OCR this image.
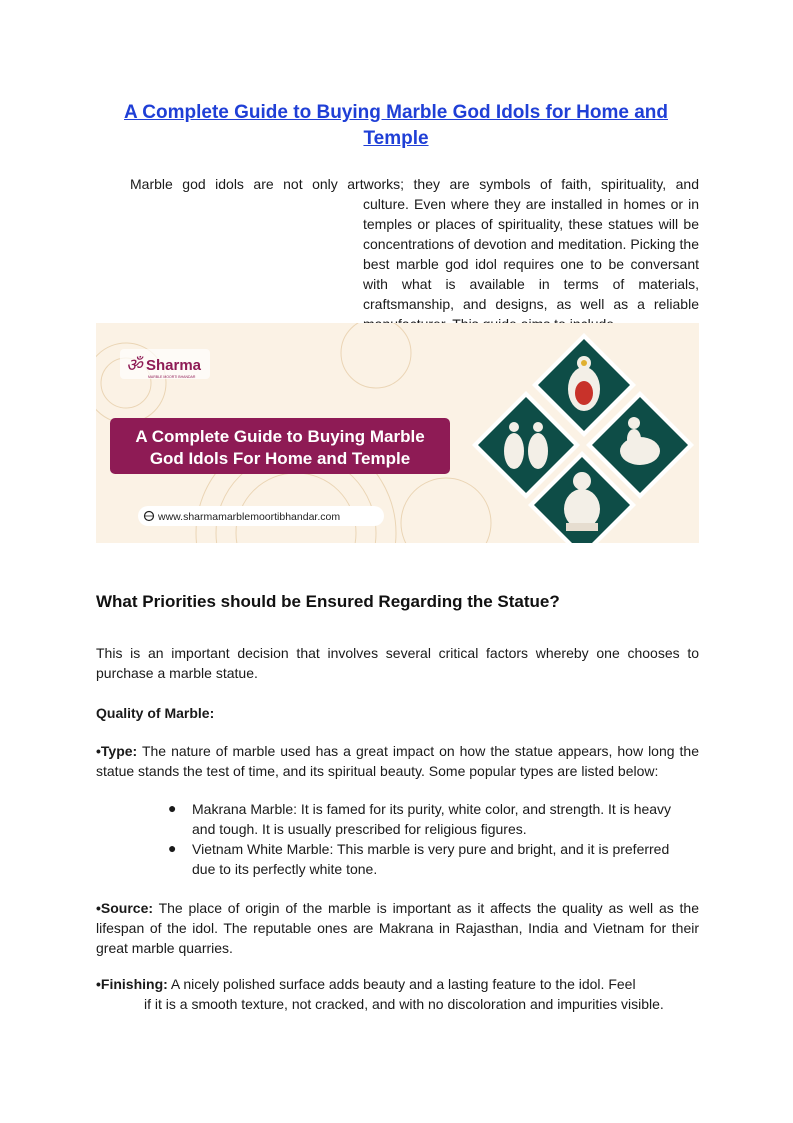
A Complete Guide to Buying Marble God Idols for Home and Temple
Marble god idols are not only artworks; they are symbols of faith, spirituality, and
culture. Even where they are installed in homes or in temples or places of spirituality, these statues will be concentrations of devotion and meditation. Picking the best marble god idol requires one to be conversant with what is available in terms of materials, craftsmanship, and designs, as well as a reliable
ॐ Sharma
MARBLE MOORTI BHANDAR
A Complete Guide to Buying Marble
God Idols For Home and Temple
www.sharmamarblemoortibhandar.com
What Priorities should be Ensured Regarding the Statue?
This is an important decision that involves several critical factors whereby one chooses to purchase a marble statue.
Quality of Marble:
•Type: The nature of marble used has a great impact on how the statue appears, how long the statue stands the test of time, and its spiritual beauty. Some popular types are listed below:
● Makrana Marble: It is famed for its purity, white color, and strength. It is heavy and tough. It is usually prescribed for religious figures.
● Vietnam White Marble: This marble is very pure and bright, and it is preferred due to its perfectly white tone.
•Source: The place of origin of the marble is important as it affects the quality as well as the lifespan of the idol. The reputable ones are Makrana in Rajasthan, India and Vietnam for their great marble quarries.
•Finishing: A nicely polished surface adds beauty and a lasting feature to the idol. Feel
if it is a smooth texture, not cracked, and with no discoloration and impurities visible.
